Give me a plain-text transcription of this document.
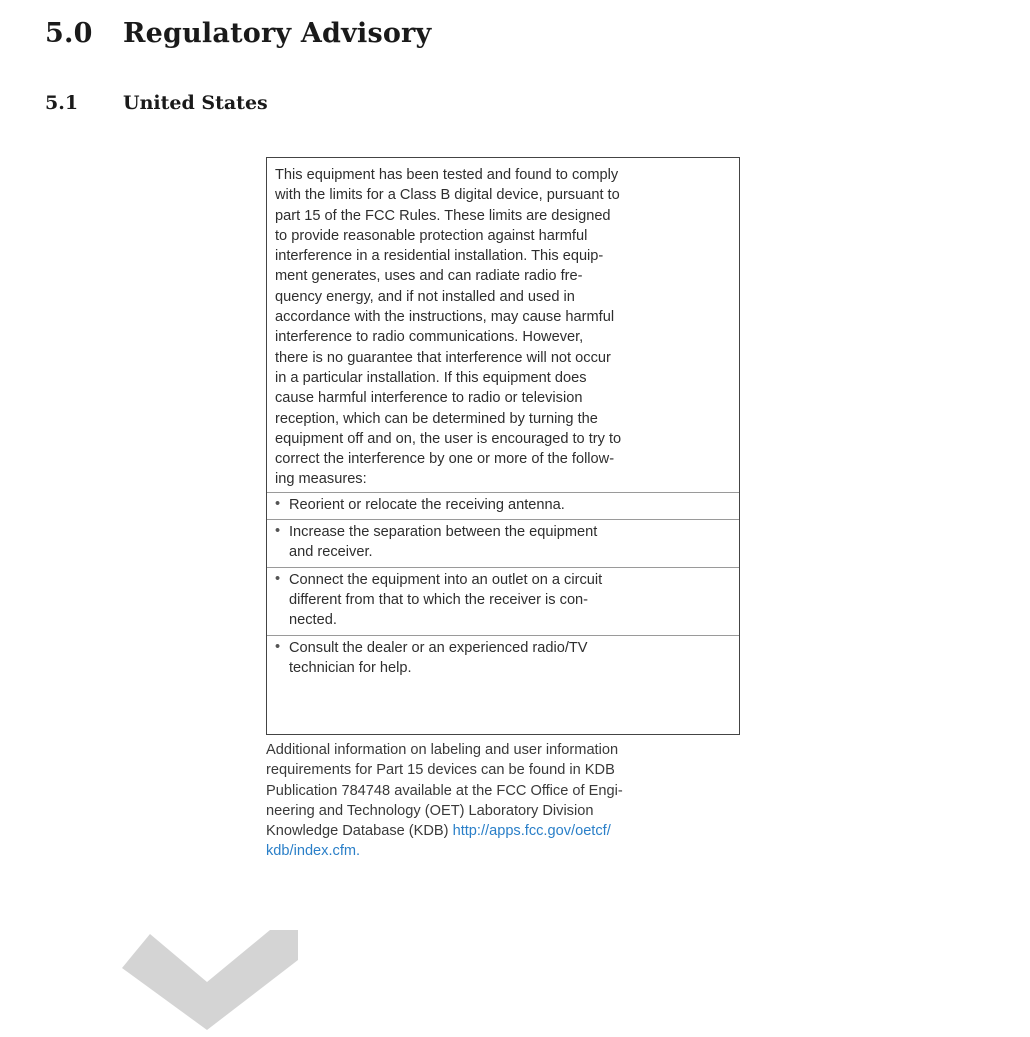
5.0 Regulatory Advisory
5.1 United States

This equipment has been tested and found to comply
with the limits for a Class B digital device, pursuant to
part 15 of the FCC Rules. These limits are designed
to provide reasonable protection against harmful
interference in a residential installation. This equip-
ment generates, uses and can radiate radio fre-
quency energy, and if not installed and used in
accordance with the instructions, may cause harmful
interference to radio communications. However,
there is no guarantee that interference will not occur
in a particular installation. If this equipment does
cause harmful interference to radio or television
reception, which can be determined by turning the
equipment off and on, the user is encouraged to try to
correct the interference by one or more of the follow-
ing measures:

• Reorient or relocate the receiving antenna.
• Increase the separation between the equipment
and receiver.
• Connect the equipment into an outlet on a circuit
different from that to which the receiver is con-
nected.
• Consult the dealer or an experienced radio/TV
technician for help.
Additional information on labeling and user information
requirements for Part 15 devices can be found in KDB
Publication 784748 available at the FCC Office of Engi-
neering and Technology (OET) Laboratory Division
Knowledge Database (KDB) http://apps.fcc.gov/oetcf/
kdb/index.cfm.
